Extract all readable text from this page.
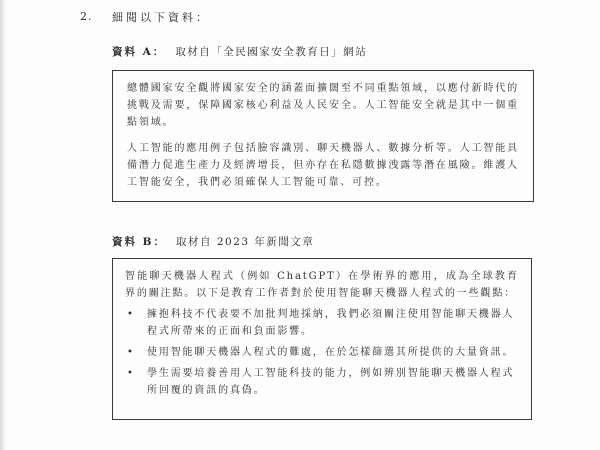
2. 細閱以下資料：
資料 A： 取材自「全民國家安全教育日」網站

總體國家安全觀將國家安全的涵蓋面擴闊至不同重點領域，以應付新時代的挑戰及需要，保障國家核心利益及人民安全。人工智能安全就是其中一個重點領域。

人工智能的應用例子包括臉容識別、聊天機器人、數據分析等。人工智能具備潛力促進生產力及經濟增長，但亦存在私隱數據洩露等潛在風險。維護人工智能安全，我們必須確保人工智能可靠、可控。

資料 B： 取材自 2023 年新聞文章

智能聊天機器人程式（例如 ChatGPT）在學術界的應用，成為全球教育界的關注點。以下是教育工作者對於使用智能聊天機器人程式的一些觀點：

• 擁抱科技不代表要不加批判地採納，我們必須關注使用智能聊天機器人程式所帶來的正面和負面影響。
• 使用智能聊天機器人程式的難處，在於怎樣篩選其所提供的大量資訊。
• 學生需要培養善用人工智能科技的能力，例如辨別智能聊天機器人程式所回覆的資訊的真偽。
